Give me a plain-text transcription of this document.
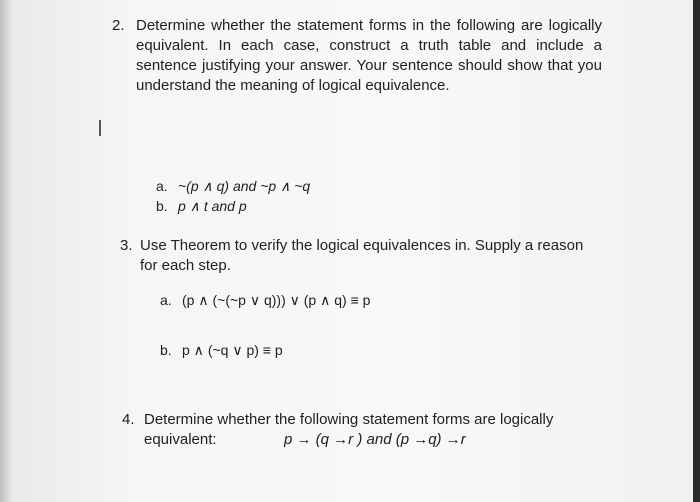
2. Determine whether the statement forms in the following are logically equivalent. In each case, construct a truth table and include a sentence justifying your answer. Your sentence should show that you understand the meaning of logical equivalence.
a. ~(p ∧ q) and ~p ∧ ~q
b. p ∧ t and p
3. Use Theorem to verify the logical equivalences in. Supply a reason for each step.
a. (p ∧ (~(~p ∨ q))) ∨ (p ∧ q) ≡ p
b. p ∧ (~q ∨ p) ≡ p
4. Determine whether the following statement forms are logically equivalent:	p → (q →r ) and (p →q) →r
